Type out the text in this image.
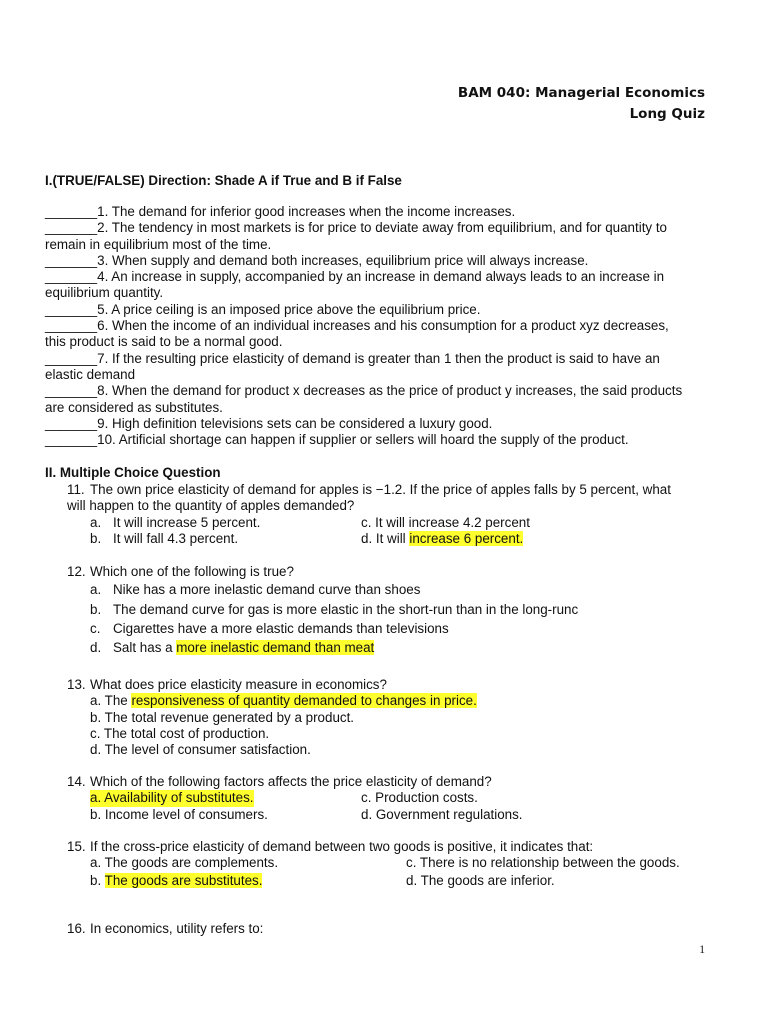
BAM 040: Managerial Economics
Long Quiz
I.(TRUE/FALSE) Direction: Shade A if True and B if False

_______1. The demand for inferior good increases when the income increases.

_______2. The tendency in most markets is for price to deviate away from equilibrium, and for quantity to

remain in equilibrium most of the time.

_______3. When supply and demand both increases, equilibrium price will always increase.

_______4. An increase in supply, accompanied by an increase in demand always leads to an increase in

equilibrium quantity.

_______5. A price ceiling is an imposed price above the equilibrium price.

_______6. When the income of an individual increases and his consumption for a product xyz decreases,

this product is said to be a normal good.

_______7. If the resulting price elasticity of demand is greater than 1 then the product is said to have an

elastic demand

_______8. When the demand for product x decreases as the price of product y increases, the said products

are considered as substitutes.

_______9. High definition televisions sets can be considered a luxury good.

_______10. Artificial shortage can happen if supplier or sellers will hoard the supply of the product.

II. Multiple Choice Question
11. The own price elasticity of demand for apples is −1.2. If the price of apples falls by 5 percent, what
will happen to the quantity of apples demanded?
a. It will increase 5 percent.	c. It will increase 4.2 percent
b. It will fall 4.3 percent.	d. It will increase 6 percent.
12. Which one of the following is true?
a. Nike has a more inelastic demand curve than shoes
b. The demand curve for gas is more elastic in the short-run than in the long-runc
c. Cigarettes have a more elastic demands than televisions
d. Salt has a more inelastic demand than meat
13. What does price elasticity measure in economics?
a. The responsiveness of quantity demanded to changes in price.
b. The total revenue generated by a product.
c. The total cost of production.
d. The level of consumer satisfaction.
14. Which of the following factors affects the price elasticity of demand?
a. Availability of substitutes.	c. Production costs.
b. Income level of consumers.	d. Government regulations.
15. If the cross-price elasticity of demand between two goods is positive, it indicates that:
a. The goods are complements.	c. There is no relationship between the goods.
b. The goods are substitutes.	d. The goods are inferior.
16. In economics, utility refers to:
1
